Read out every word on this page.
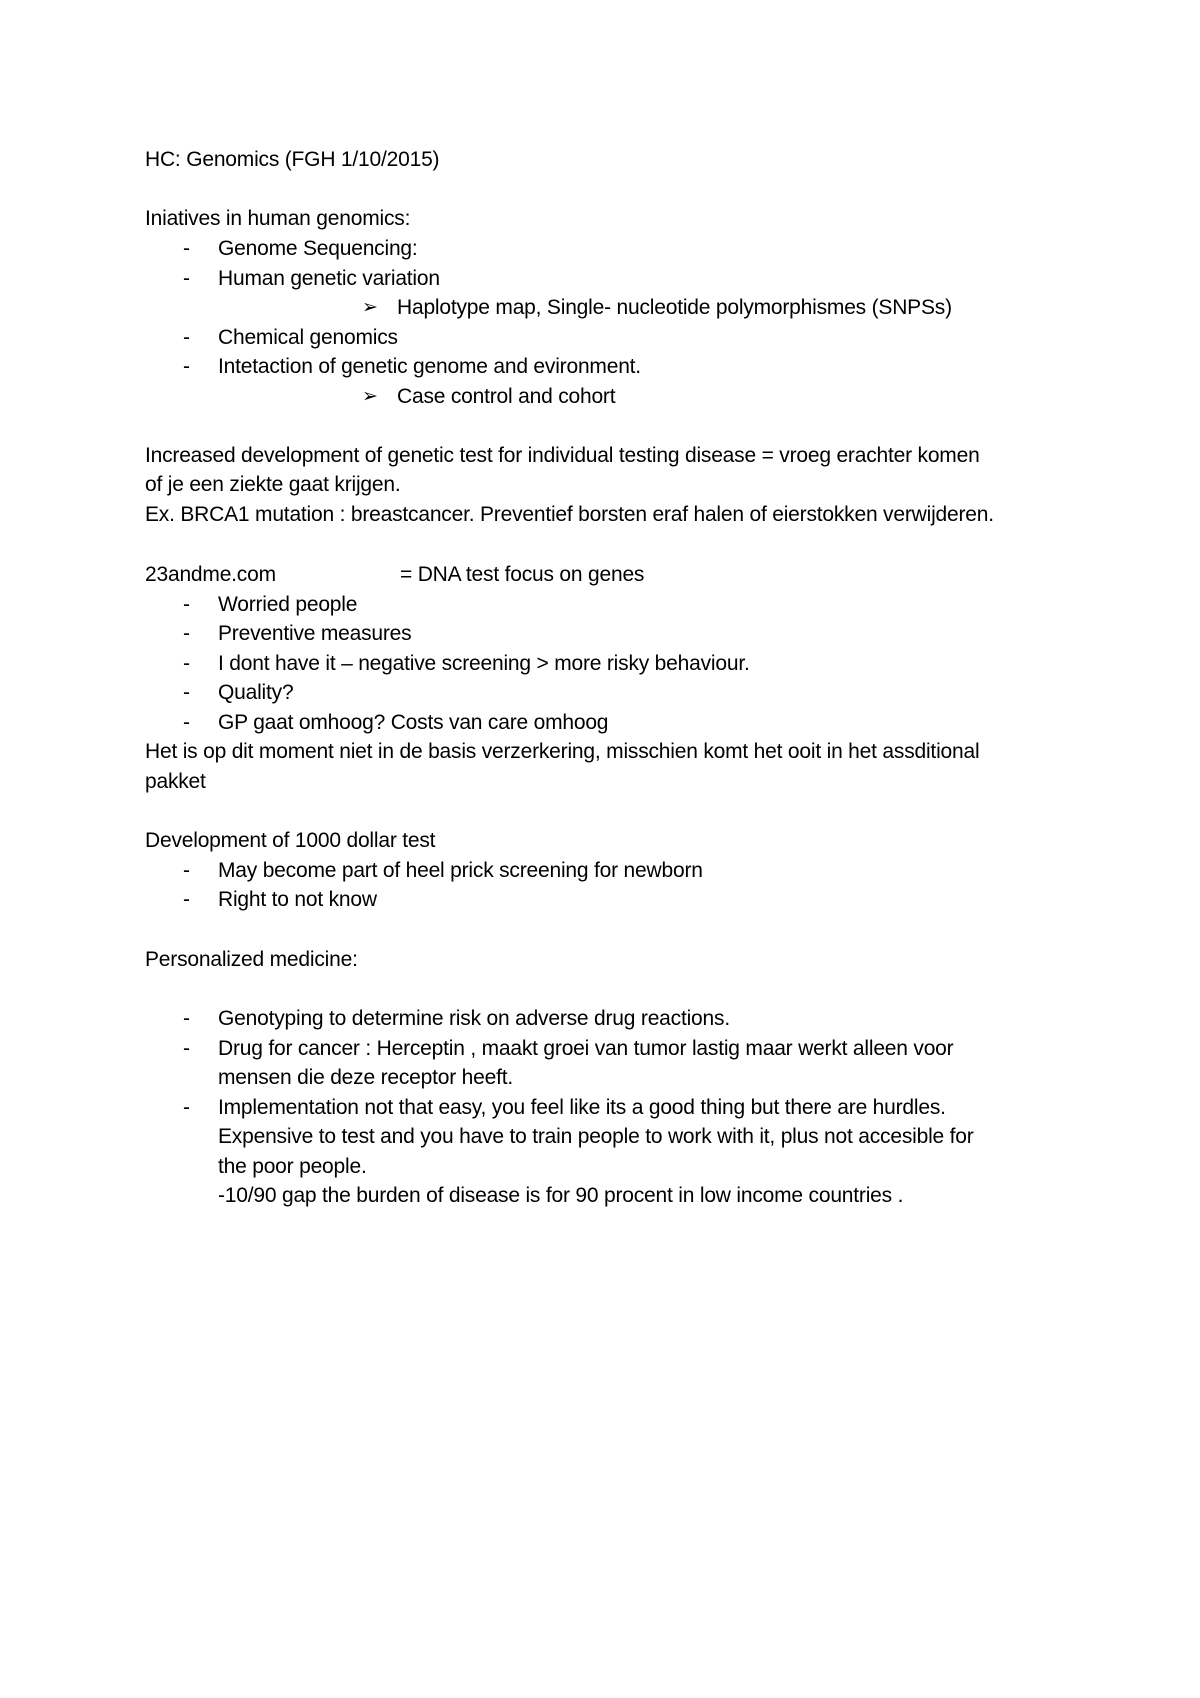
HC: Genomics (FGH 1/10/2015)
Iniatives in human genomics:
- Genome Sequencing:
- Human genetic variation
➢ Haplotype map, Single- nucleotide polymorphismes (SNPSs)
- Chemical genomics
- Intetaction of genetic genome and evironment.
➢ Case control and cohort
Increased development of genetic test for individual testing disease = vroeg erachter komen
of je een ziekte gaat krijgen.
Ex. BRCA1 mutation : breastcancer. Preventief borsten eraf halen of eierstokken verwijderen.
23andme.com	= DNA test focus on genes
- Worried people
- Preventive measures
- I dont have it – negative screening > more risky behaviour.
- Quality?
- GP gaat omhoog? Costs van care omhoog
Het is op dit moment niet in de basis verzerkering, misschien komt het ooit in het assditional
pakket
Development of 1000 dollar test
- May become part of heel prick screening for newborn
- Right to not know
Personalized medicine:
- Genotyping to determine risk on adverse drug reactions.
- Drug for cancer : Herceptin , maakt groei van tumor lastig maar werkt alleen voor
mensen die deze receptor heeft.
- Implementation not that easy, you feel like its a good thing but there are hurdles.
Expensive to test and you have to train people to work with it, plus not accesible for
the poor people.
-10/90 gap the burden of disease is for 90 procent in low income countries .
